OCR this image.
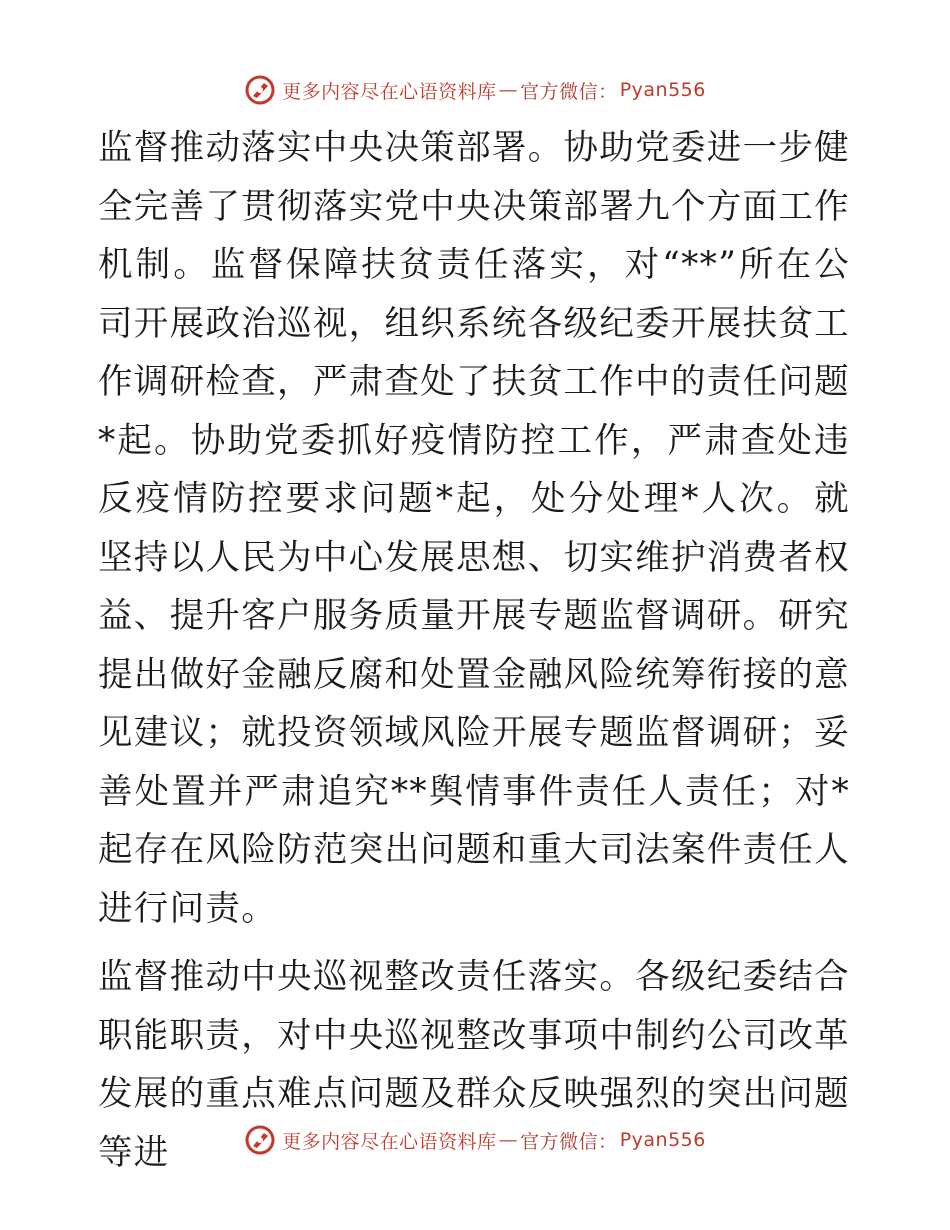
更多内容尽在心语资料库 — 官方微信： Pyan556

监督推动落实中央决策部署。协助党委进一步健全完善了贯彻落实党中央决策部署九个方面工作机制。监督保障扶贫责任落实，对“**”所在公司开展政治巡视，组织系统各级纪委开展扶贫工作调研检查，严肃查处了扶贫工作中的责任问题*起。协助党委抓好疫情防控工作，严肃查处违反疫情防控要求问题*起，处分处理*人次。就坚持以人民为中心发展思想、切实维护消费者权益、提升客户服务质量开展专题监督调研。研究提出做好金融反腐和处置金融风险统筹衔接的意见建议；就投资领域风险开展专题监督调研；妥善处置并严肃追究**舆情事件责任人责任；对*起存在风险防范突出问题和重大司法案件责任人进行问责。

监督推动中央巡视整改责任落实。各级纪委结合职能职责，对中央巡视整改事项中制约公司改革发展的重点难点问题及群众反映强烈的突出问题等进	更多内容尽在心语资料库 — 官方微信： Pyan556
